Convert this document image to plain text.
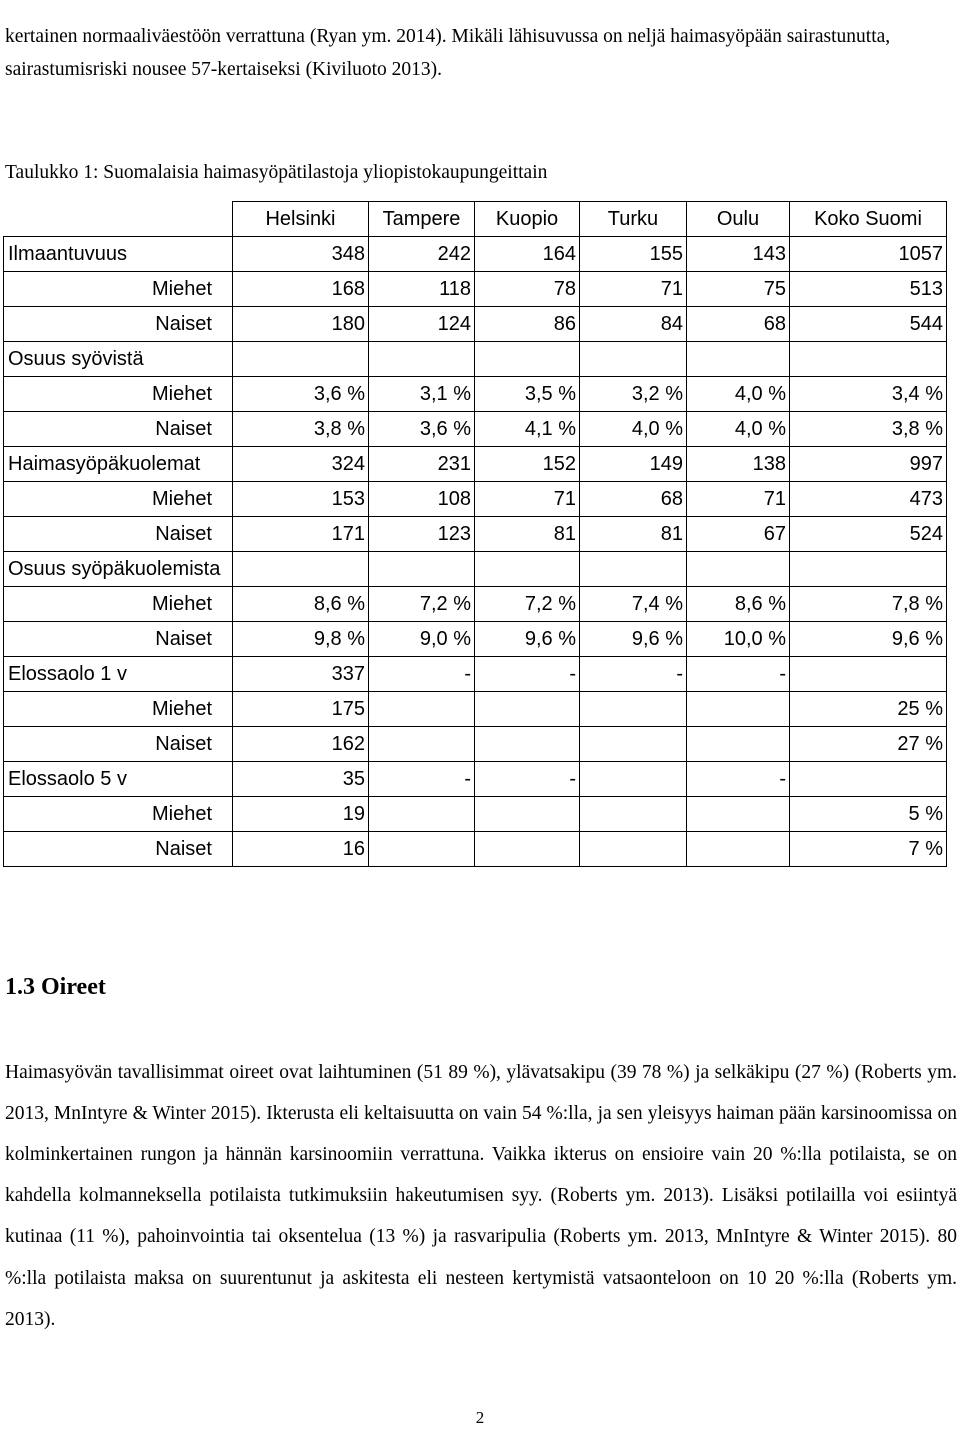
kertainen normaaliväestöön verrattuna (Ryan ym. 2014). Mikäli lähisuvussa on neljä haimasyöpään sairastunutta, sairastumisriski nousee 57-kertaiseksi (Kiviluoto 2013).

Taulukko 1: Suomalaisia haimasyöpätilastoja yliopistokaupungeittain
	Helsinki	Tampere	Kuopio	Turku	Oulu	Koko Suomi
Ilmaantuvuus	348	242	164	155	143	1057
Miehet	168	118	78	71	75	513
Naiset	180	124	86	84	68	544
Osuus syövistä						
Miehet	3,6 %	3,1 %	3,5 %	3,2 %	4,0 %	3,4 %
Naiset	3,8 %	3,6 %	4,1 %	4,0 %	4,0 %	3,8 %
Haimasyöpäkuolemat	324	231	152	149	138	997
Miehet	153	108	71	68	71	473
Naiset	171	123	81	81	67	524
Osuus syöpäkuolemista						
Miehet	8,6 %	7,2 %	7,2 %	7,4 %	8,6 %	7,8 %
Naiset	9,8 %	9,0 %	9,6 %	9,6 %	10,0 %	9,6 %
Elossaolo 1 v	337	-	-	-	-	
Miehet	175					25 %
Naiset	162					27 %
Elossaolo 5 v	35	-	-		-	
Miehet	19					5 %
Naiset	16					7 %
1.3 Oireet

Haimasyövän tavallisimmat oireet ovat laihtuminen (51 89 %), ylävatsakipu (39 78 %) ja selkäkipu (27 %) (Roberts ym. 2013, MnIntyre & Winter 2015). Ikterusta eli keltaisuutta on vain 54 %:lla, ja sen yleisyys haiman pään karsinoomissa on kolminkertainen rungon ja hännän karsinoomiin verrattuna. Vaikka ikterus on ensioire vain 20 %:lla potilaista, se on kahdella kolmanneksella potilaista tutkimuksiin hakeutumisen syy. (Roberts ym. 2013). Lisäksi potilailla voi esiintyä kutinaa (11 %), pahoinvointia tai oksentelua (13 %) ja rasvaripulia (Roberts ym. 2013, MnIntyre & Winter 2015). 80 %:lla potilaista maksa on suurentunut ja askitesta eli nesteen kertymistä vatsaonteloon on 10 20 %:lla (Roberts ym. 2013).

2
